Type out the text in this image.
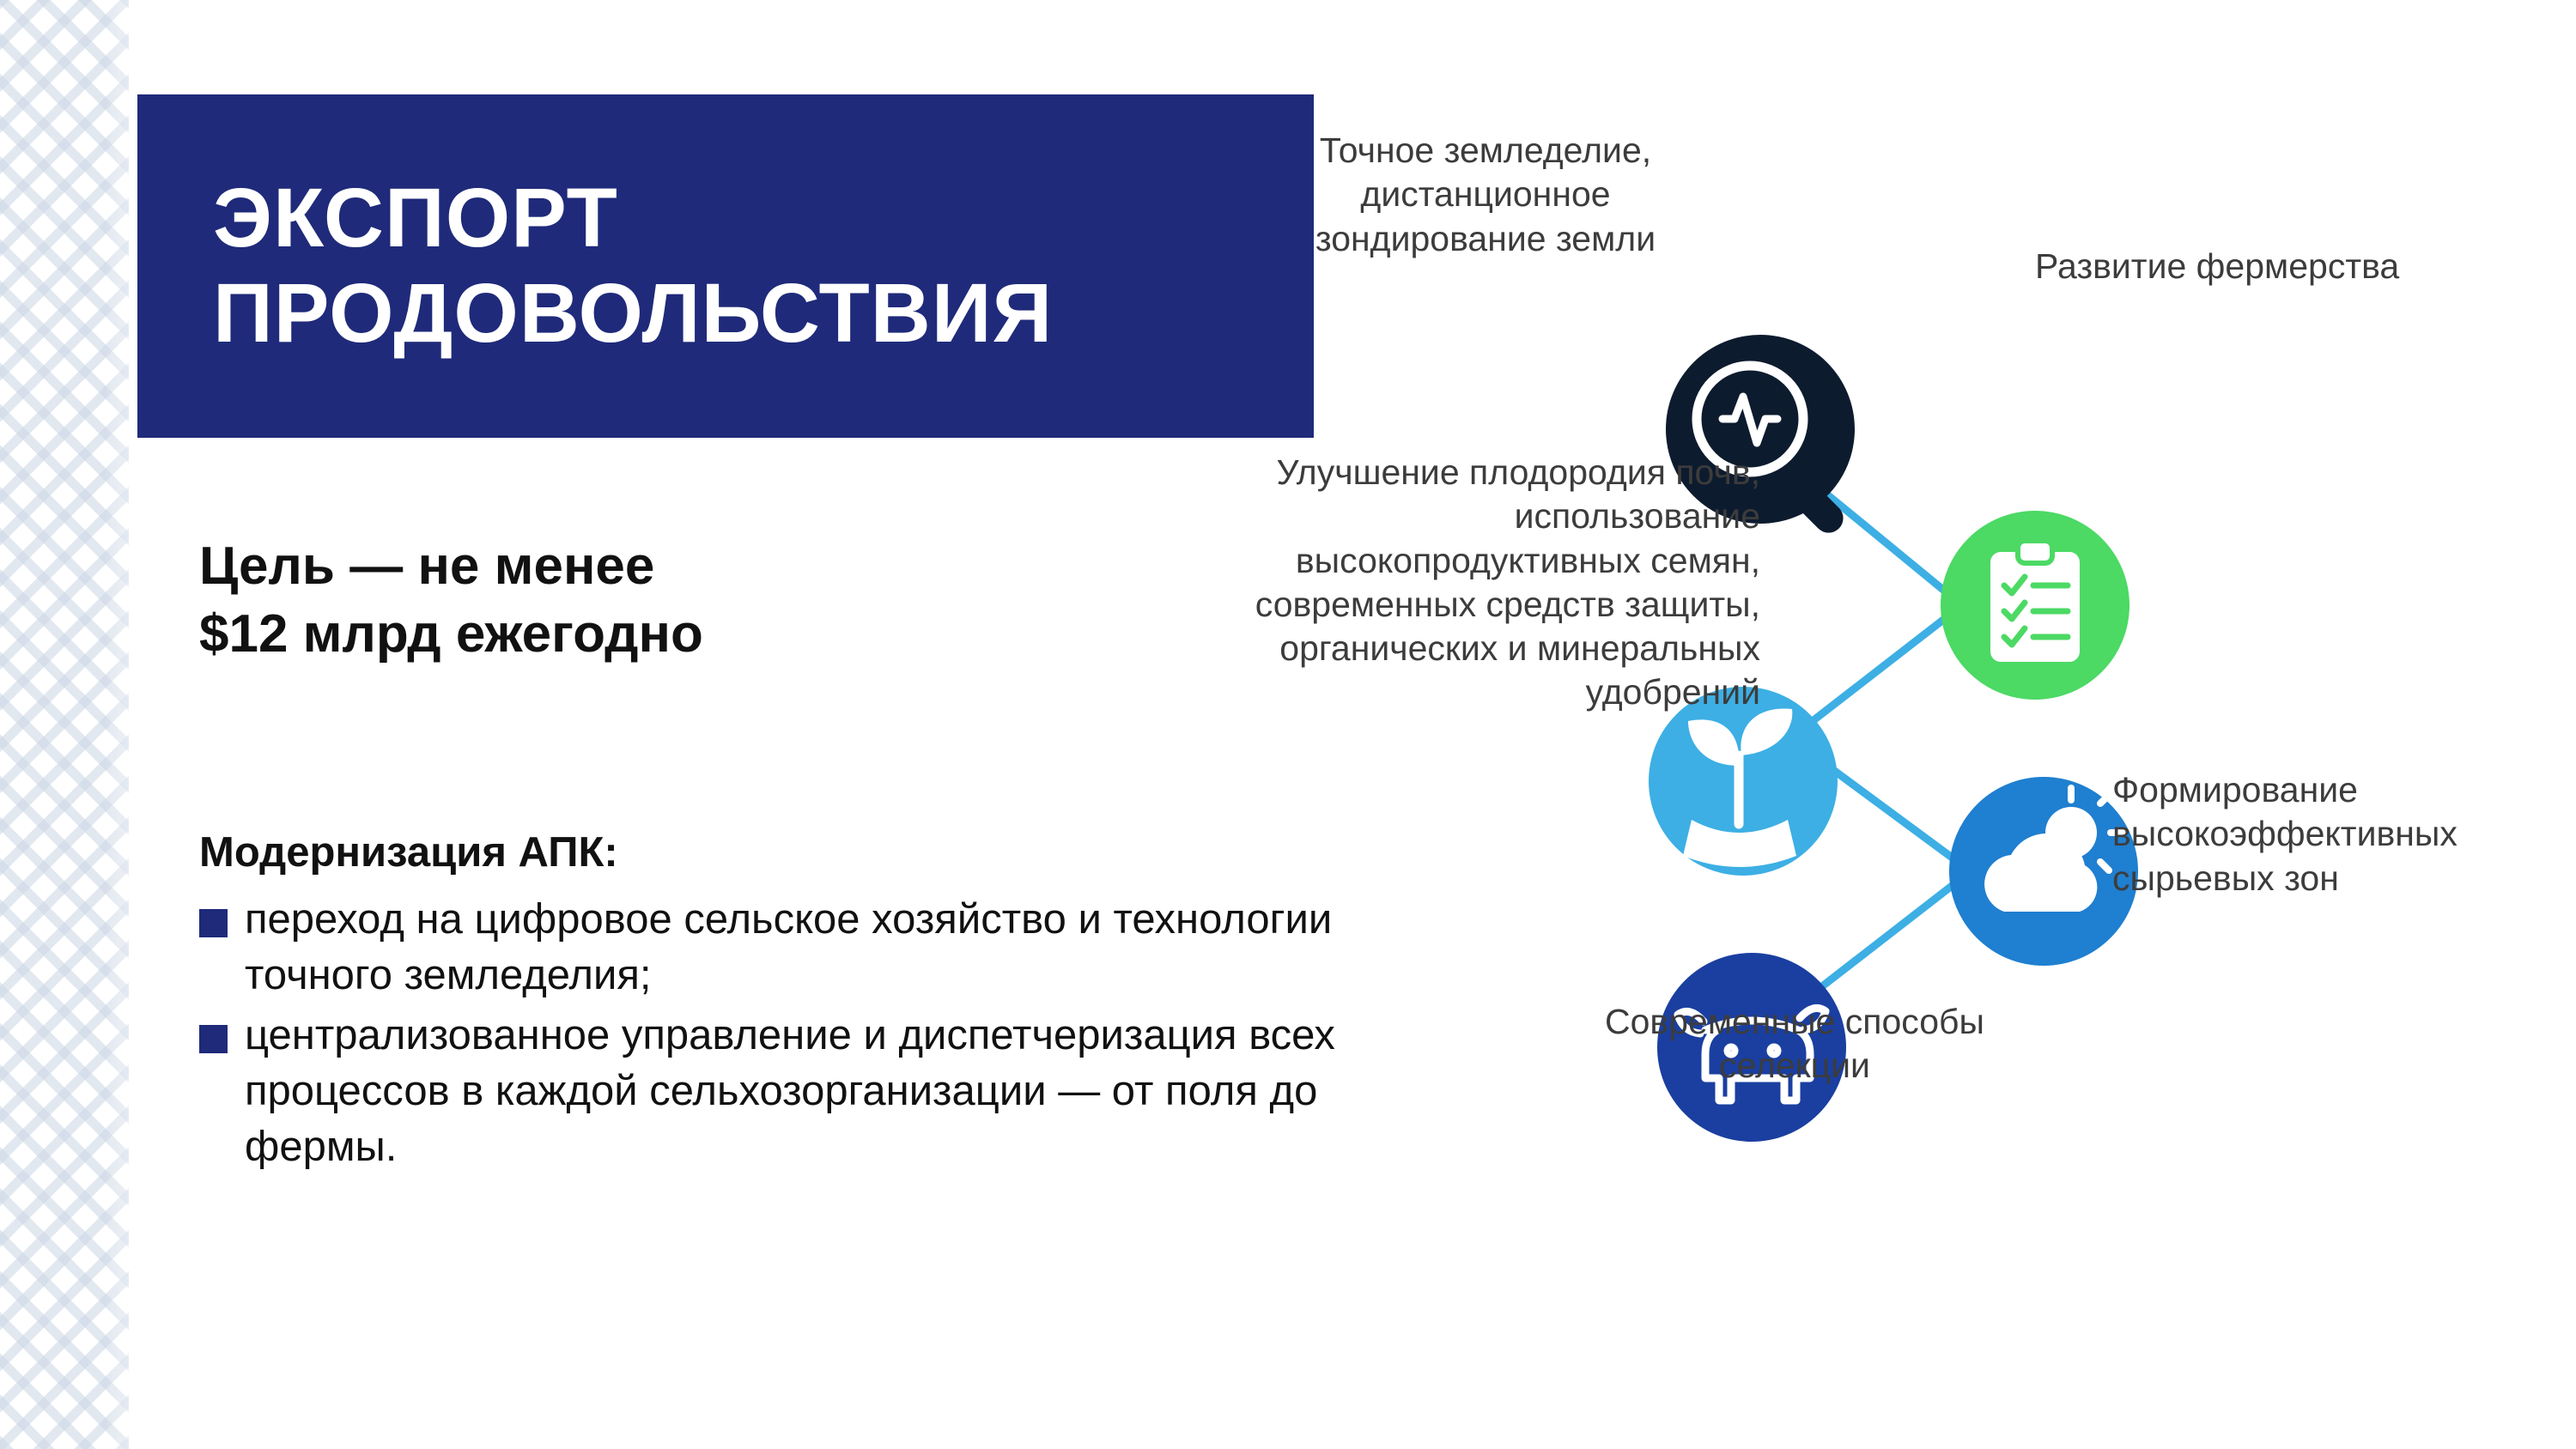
ЭКСПОРТ
ПРОДОВОЛЬСТВИЯ
Цель — не менее
$12 млрд ежегодно
Модернизация АПК:
переход на цифровое сельское хозяйство и технологии точного земледелия;
централизованное управление и диспетчеризация всех процессов в каждой сельхозорганизации — от поля до фермы.
Точное земледелие, дистанционное зондирование земли
Развитие фермерства
Улучшение плодородия почв, использование высокопродуктивных семян, современных средств защиты, органических и минеральных удобрений
Формирование высокоэффективных сырьевых зон
Современные способы селекции
